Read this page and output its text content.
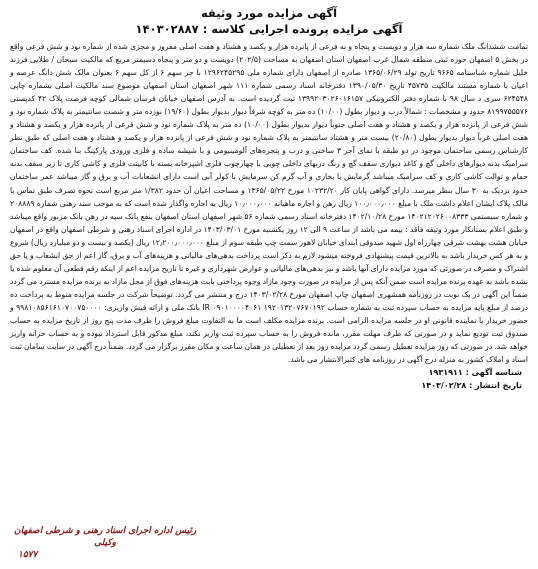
آگهی مزایده مورد وثیقه
آگهی مزایده پرونده اجرایی کلاسه : ۱۴۰۳۰۲۸۸۷
تمامت ششدانگ ملک شماره سه هزار و دویست و پنجاه و نه فرعی از پانزده هزار و یکصد و هشتاد و هفت اصلی مفروز و مجزی شده از شماره نود و شش فرعی واقع در بخش ۵ اصفهان حوزه ثبتی منطقه شمال غرب اصفهان استان اصفهان به مساحت (۲۰۲/۵) دویست و دو متر و پنجاه دسیمتر مربع که مالکیت سبحان / طلایی فرزند خلیل شماره شناسنامه ۹۶۶۵ تاریخ تولد ۱۳۶۵/۰۶/۲۹ صادره از اصفهان دارای شماره ملی ۱۲۹۶۲۴۵۲۹۵ با جز سهم ۶ از کل سهم ۶ بعنوان مالک شش دانگ عرصه و اعیان با شماره مستند مالکیت ۴۵۷۳۵ تاریخ ۱۳۹۰/۰۵/۳۰ دفترخانه اسناد رسمی شماره ۱۱۱ شهر اصفهان استان اصفهان موضوع سند مالکیت اصلی بشماره چاپی ۶۲۴۵۴۸ سری د سال ۹۸ با شماره دفتر الکترونیکی ۱۳۹۹۲۰۳۰۲۶۰۱۶۱۵۷ ثبت گردیده است. به آدرس اصفهان خیابان فرسان شمالی کوچه فرصت پلاک ۴۲ کدپستی ۸۱۹۹۷۵۵۵۷۶ حدود و مشخصات : شمالاً درب و دیوار بطول (۱۰/۰۰) ده متر به کوچه شرقاً دیوار بدیوار بطول (۱۹/۶۰) نوزده متر و شصت سانتیمتر به پلاک شماره نود و شش فرعی از پانزده هزار و یکصد و هشتاد و هفت اصلی جنوباً دیوار بدیوار بطول (۱۰/۰۰) ده متر به پلاک شماره نود و شش فرعی از پانزده هزار و یکصد و هشتاد و هفت اصلی غرباً دیوار بدیوار بطول (۲۰/۸۰) بیست متر و هشتاد سانتیمتر به پلاک شماره نود و شش فرعی از پانزده هزار و یکصد و هشتاد و هفت اصلی که طبق نظر کارشناس رسمی ساختمان موجود در دو طبقه با نمای آجر ۳ ساختی و درب و پنجره‌های آلومینیومی و با شیشه ساده و فلزی ورودی پارکینگ بنا شده. کف ساختمان سرامیک بدنه دیوارهای داخلی گچ و کاغذ دیواری سقف گچ و رنگ دربهای داخلی چوبی با چهارچوب فلزی اشپزخانه بسته با کابینت فلزی و کاشی کاری تا زیر سقف بدنه حمام و توالت کاشی کاری و کف سرامیک میباشد گرمایش با بخاری و آب گرم کن سرمایش با کولر آبی است دارای انشعابات آب و برق و گاز میباشد عمر ساختمان حدود نزدیک به ۳۰ سال بنظر میرسد. دارای گواهی پایان کار ۱۰۲۳۲/۲۰ مورخ ۱۳۶۵/۰۵/۲۲ و مساحت اعیان آن حدود ۱/۳۸۲ متر مربع است نحوه تصرف طبق تماس با مالک پلاک ایشان اعلام داشت ملک با مبلغ ۱۰۰٫۰۰۰٫۰۰۰ ریال رهن و اجاره ماهیانه ۱۰٫۰۰۰٫۰۰۰ ریال به اجاره واگذار شده است که به موجب سند رهنی شماره ۲۰۸۸۸۹ و شماره سیستمی ۱۴۰۲۱۲۰۲۶۰۰۸۳۳۳ مورخ ۱۴۰۲/۱۰/۲۸ دفترخانه اسناد رسمی شماره ۵۶ شهر اصفهان استان اصفهان بنفع بانک سپه در رهن بانک مزبور واقع میباشد و طبق اعلام بستانکار مورد وثیقه فاقد : بیمه می باشد از ساعت ۹ الی ۱۲ روز یکشنبه مورخ ۱۴۰۳/۰۳/۰۱ در اداره اجرای اسناد رهنی و شرطی اصفهان واقع در اصفهان خیابان هشت بهشت شرقی چهارراه اول شهید صدوقی ابتدای خیابان لاهور سمت چپ طبقه سوم از مبلغ ۱۲٫۲۰۰٫۰۰۰٫۰۰۰ ریال (یکصد و بیست و دو میلیارد ریال) شروع و به هر کس خریدار باشد به بالاترین قیمت پیشنهادی فروخته میشود لازم به ذکر است پرداخت بدهی‌های مالیاتی و هزینه‌های آب و برق، گاز اعم از حق انشعاب و یا حق اشتراک و مصرف در صورتی که مورد مزایده دارای آنها باشد و نیز بدهی‌های مالیاتی و عوارض شهرداری و غیره تا تاریخ مزایده اعم از اینکه رقم قطعی آن معلوم شده یا نشده باشد به عهده برنده مزایده است ضمن آنکه پس از مزایده در صورت وجود مازاد وجوه پرداختی بابت هزینه‌های فوق از محل مازاد به برنده مزایده مسترد می گردد ضمناً این آگهی در یک نوبت در روزنامه همشهری اصفهان چاپ اصفهان مورخ ۱۴۰۳/۰۲/۲۸ درج و منتشر می گردد. توضیحاً شرکت در جلسه مزایده منوط به پرداخت ده درصد از مبلغ پایه مزایده به حساب سپرده ثبت به شماره حساب ۱۹۲۰۱۳۲۰۷۶۷۰۱۹۲ IR ۰۹۰۱۰۰۰۰۴۰۶۱ بانک ملی و ارائه فیش واریزی: ۹۹۸۱۰۸۵۶۱۶۱۰۷۰۰۷۵۰۰۰۰ و حضور خریدار یا نماینده قانونی او در جلسه مزایده الزامی است. برنده مزایده مکلف است ما به التفاوت مبلغ فروش را ظرف مدت پنج روز از تاریخ مزایده به حساب صندوق ثبت تودیع نماید و در صورتی که ظرف مهلت مقرر، مانده فروش را به حساب سپرده ثبت واریز نکند، مبلغ مذکور قابل استرداد نبوده و به حساب خزانه واریز خواهد شد. در صورتی که روز مزایده تعطیل رسمی گردد مزایده روز بعد از تعطیلی در همان ساعت و مکان مقرر برگزار می گردد. ضمناً درج آگهی در سایت سامان ثبت اسناد و املاک کشور به منزله درج آگهی در روزنامه های کثیرالانتشار می باشد.
شناسه آگهی : ۱۹۳۱۹۱۱
تاریخ انتشار : ۱۴۰۳/۰۲/۲۸
رئیس اداره اجرای اسناد رهنی و شرطی اصفهان
وکیلی
۱۵۷۷
